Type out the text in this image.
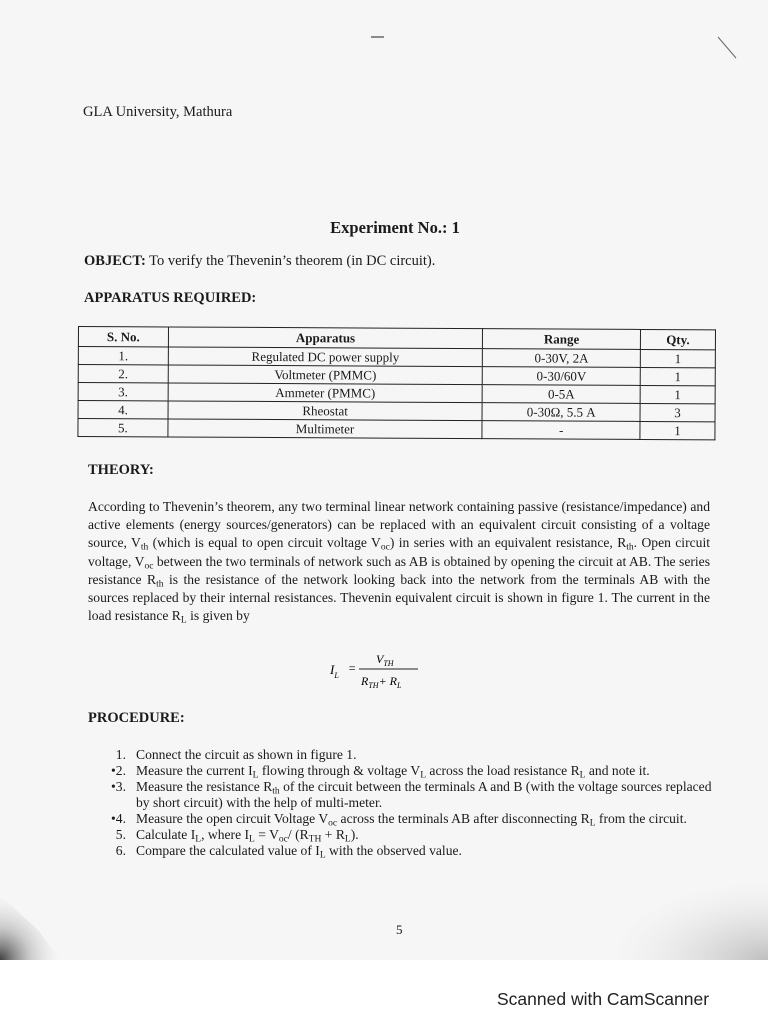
GLA University, Mathura
Experiment No.: 1
OBJECT: To verify the Thevenin’s theorem (in DC circuit).
APPARATUS REQUIRED:
S. No.	Apparatus	Range	Qty.
1.	Regulated DC power supply	0-30V, 2A	1
2.	Voltmeter (PMMC)	0-30/60V	1
3.	Ammeter (PMMC)	0-5A	1
4.	Rheostat	0-30Ω, 5.5 A	3
5.	Multimeter	-	1
THEORY:
According to Thevenin’s theorem, any two terminal linear network containing passive (resistance/impedance) and active elements (energy sources/generators) can be replaced with an equivalent circuit consisting of a voltage source, $V_{th}$ (which is equal to open circuit voltage $V_{oc}$) in series with an equivalent resistance, $R_{th}$. Open circuit voltage, $V_{oc}$ between the two terminals of network such as AB is obtained by opening the circuit at AB. The series resistance $R_{th}$ is the resistance of the network looking back into the network from the terminals AB with the sources replaced by their internal resistances. Thevenin equivalent circuit is shown in figure 1. The current in the load resistance $R_L$ is given by
$I_L$
=
$V_{TH}$
$R_{TH}+ R_L$
PROCEDURE:
1. Connect the circuit as shown in figure 1.
•2. Measure the current $I_L$ flowing through & voltage $V_L$ across the load resistance $R_L$ and note it.
•3. Measure the resistance $R_{th}$ of the circuit between the terminals A and B (with the voltage sources replaced by short circuit) with the help of multi-meter.
•4. Measure the open circuit Voltage $V_{oc}$ across the terminals AB after disconnecting $R_L$ from the circuit.
5. Calculate $I_L$, where $I_L = V_{oc}/$ $(R_{TH} + R_L)$.
6. Compare the calculated value of $I_L$ with the observed value.
5
Scanned with CamScanner
